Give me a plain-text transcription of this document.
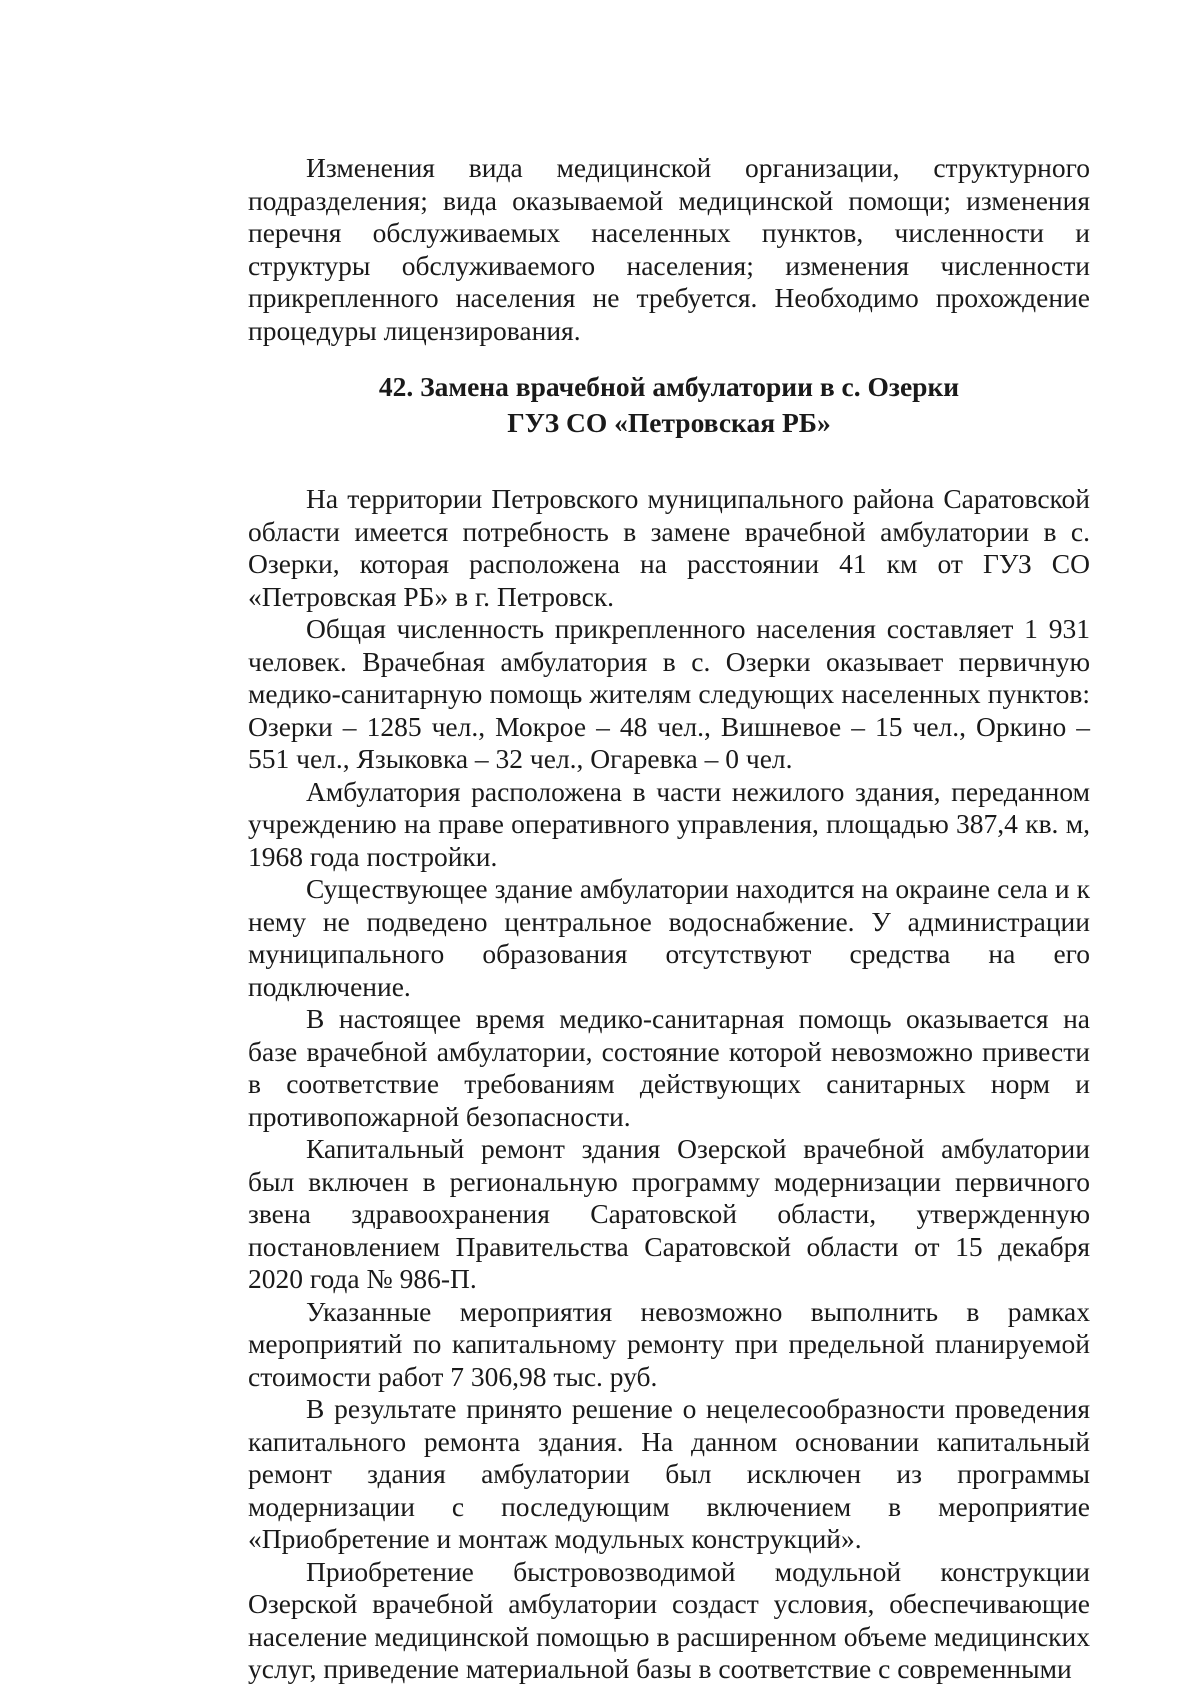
Изменения вида медицинской организации, структурного подразделения; вида оказываемой медицинской помощи; изменения перечня обслуживаемых населенных пунктов, численности и структуры обслуживаемого населения; изменения численности прикрепленного населения не требуется. Необходимо прохождение процедуры лицензирования.

42. Замена врачебной амбулатории в с. Озерки
ГУЗ СО «Петровская РБ»

На территории Петровского муниципального района Саратовской области имеется потребность в замене врачебной амбулатории в с. Озерки, которая расположена на расстоянии 41 км от ГУЗ СО «Петровская РБ» в г. Петровск.

Общая численность прикрепленного населения составляет 1 931 человек. Врачебная амбулатория в с. Озерки оказывает первичную медико-санитарную помощь жителям следующих населенных пунктов: Озерки – 1285 чел., Мокрое – 48 чел., Вишневое – 15 чел., Оркино – 551 чел., Языковка – 32 чел., Огаревка – 0 чел.

Амбулатория расположена в части нежилого здания, переданном учреждению на праве оперативного управления, площадью 387,4 кв. м, 1968 года постройки.

Существующее здание амбулатории находится на окраине села и к нему не подведено центральное водоснабжение. У администрации муниципального образования отсутствуют средства на его подключение.

В настоящее время медико-санитарная помощь оказывается на базе врачебной амбулатории, состояние которой невозможно привести в соответствие требованиям действующих санитарных норм и противопожарной безопасности.

Капитальный ремонт здания Озерской врачебной амбулатории был включен в региональную программу модернизации первичного звена здравоохранения Саратовской области, утвержденную постановлением Правительства Саратовской области от 15 декабря 2020 года № 986-П.

Указанные мероприятия невозможно выполнить в рамках мероприятий по капитальному ремонту при предельной планируемой стоимости работ 7 306,98 тыс. руб.

В результате принято решение о нецелесообразности проведения капитального ремонта здания. На данном основании капитальный ремонт здания амбулатории был исключен из программы модернизации с последующим включением в мероприятие «Приобретение и монтаж модульных конструкций».

Приобретение быстровозводимой модульной конструкции Озерской врачебной амбулатории создаст условия, обеспечивающие население медицинской помощью в расширенном объеме медицинских услуг, приведение материальной базы в соответствие с современными
